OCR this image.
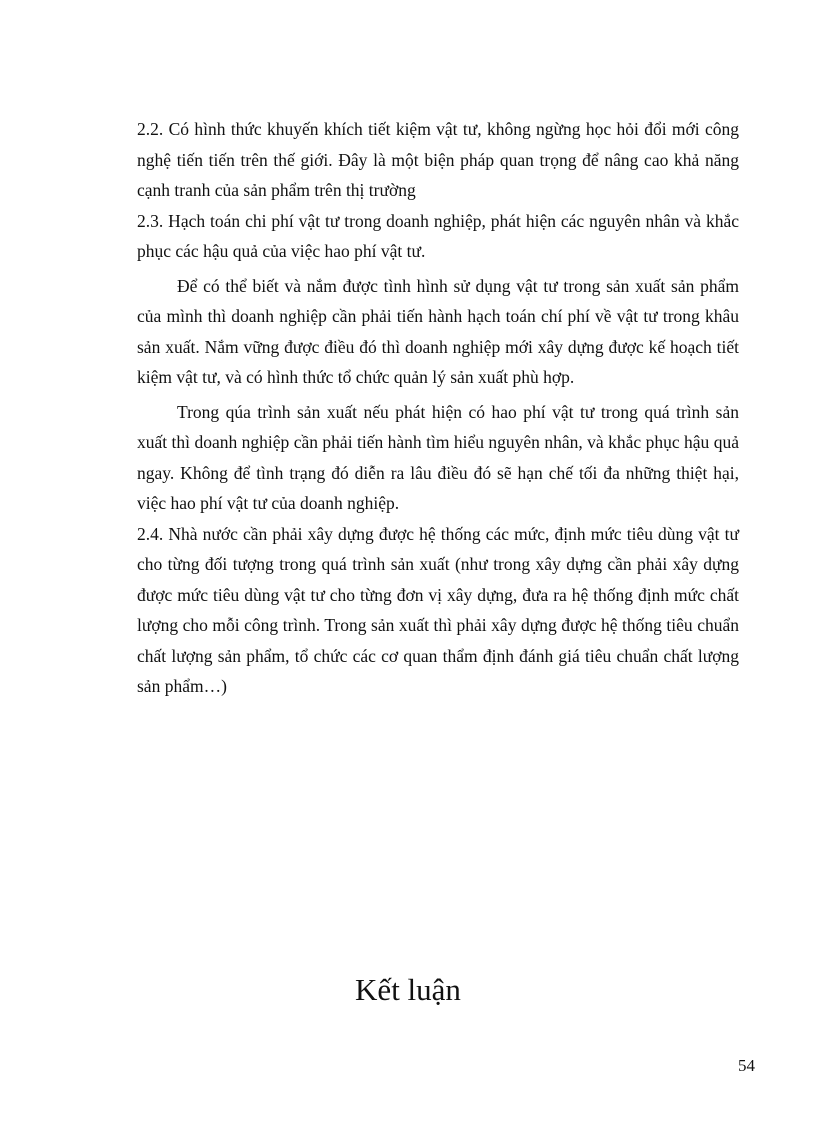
2.2. Có hình thức khuyến khích tiết kiệm vật tư, không ngừng học hỏi đổi mới công nghệ tiến tiến trên thế giới. Đây là một biện pháp quan trọng để nâng cao khả năng cạnh tranh của sản phẩm trên thị trường

2.3. Hạch toán chi phí vật tư trong doanh nghiệp, phát hiện các nguyên nhân và khắc phục các hậu quả của việc hao phí vật tư.

Để có thể biết và nắm được tình hình sử dụng vật tư trong sản xuất sản phẩm của mình thì doanh nghiệp cần phải tiến hành hạch toán chí phí về vật tư trong khâu sản xuất. Nắm vững được điều đó thì doanh nghiệp mới xây dựng được kế hoạch tiết kiệm vật tư, và có hình thức tổ chức quản lý sản xuất phù hợp.

Trong qúa trình sản xuất nếu phát hiện có hao phí vật tư trong quá trình sản xuất thì doanh nghiệp cần phải tiến hành tìm hiểu nguyên nhân, và khắc phục hậu quả ngay. Không để tình trạng đó diễn ra lâu điều đó sẽ hạn chế tối đa những thiệt hại, việc hao phí vật tư của doanh nghiệp.

2.4. Nhà nước cần phải xây dựng được hệ thống các mức, định mức tiêu dùng vật tư cho từng đối tượng trong quá trình sản xuất (như trong xây dựng cần phải xây dựng được mức tiêu dùng vật tư cho từng đơn vị xây dựng, đưa ra hệ thống định mức chất lượng cho mỗi công trình. Trong sản xuất thì phải xây dựng được hệ thống tiêu chuẩn chất lượng sản phẩm, tổ chức các cơ quan thẩm định đánh giá tiêu chuẩn chất lượng sản phẩm…)

Kết luận
54
